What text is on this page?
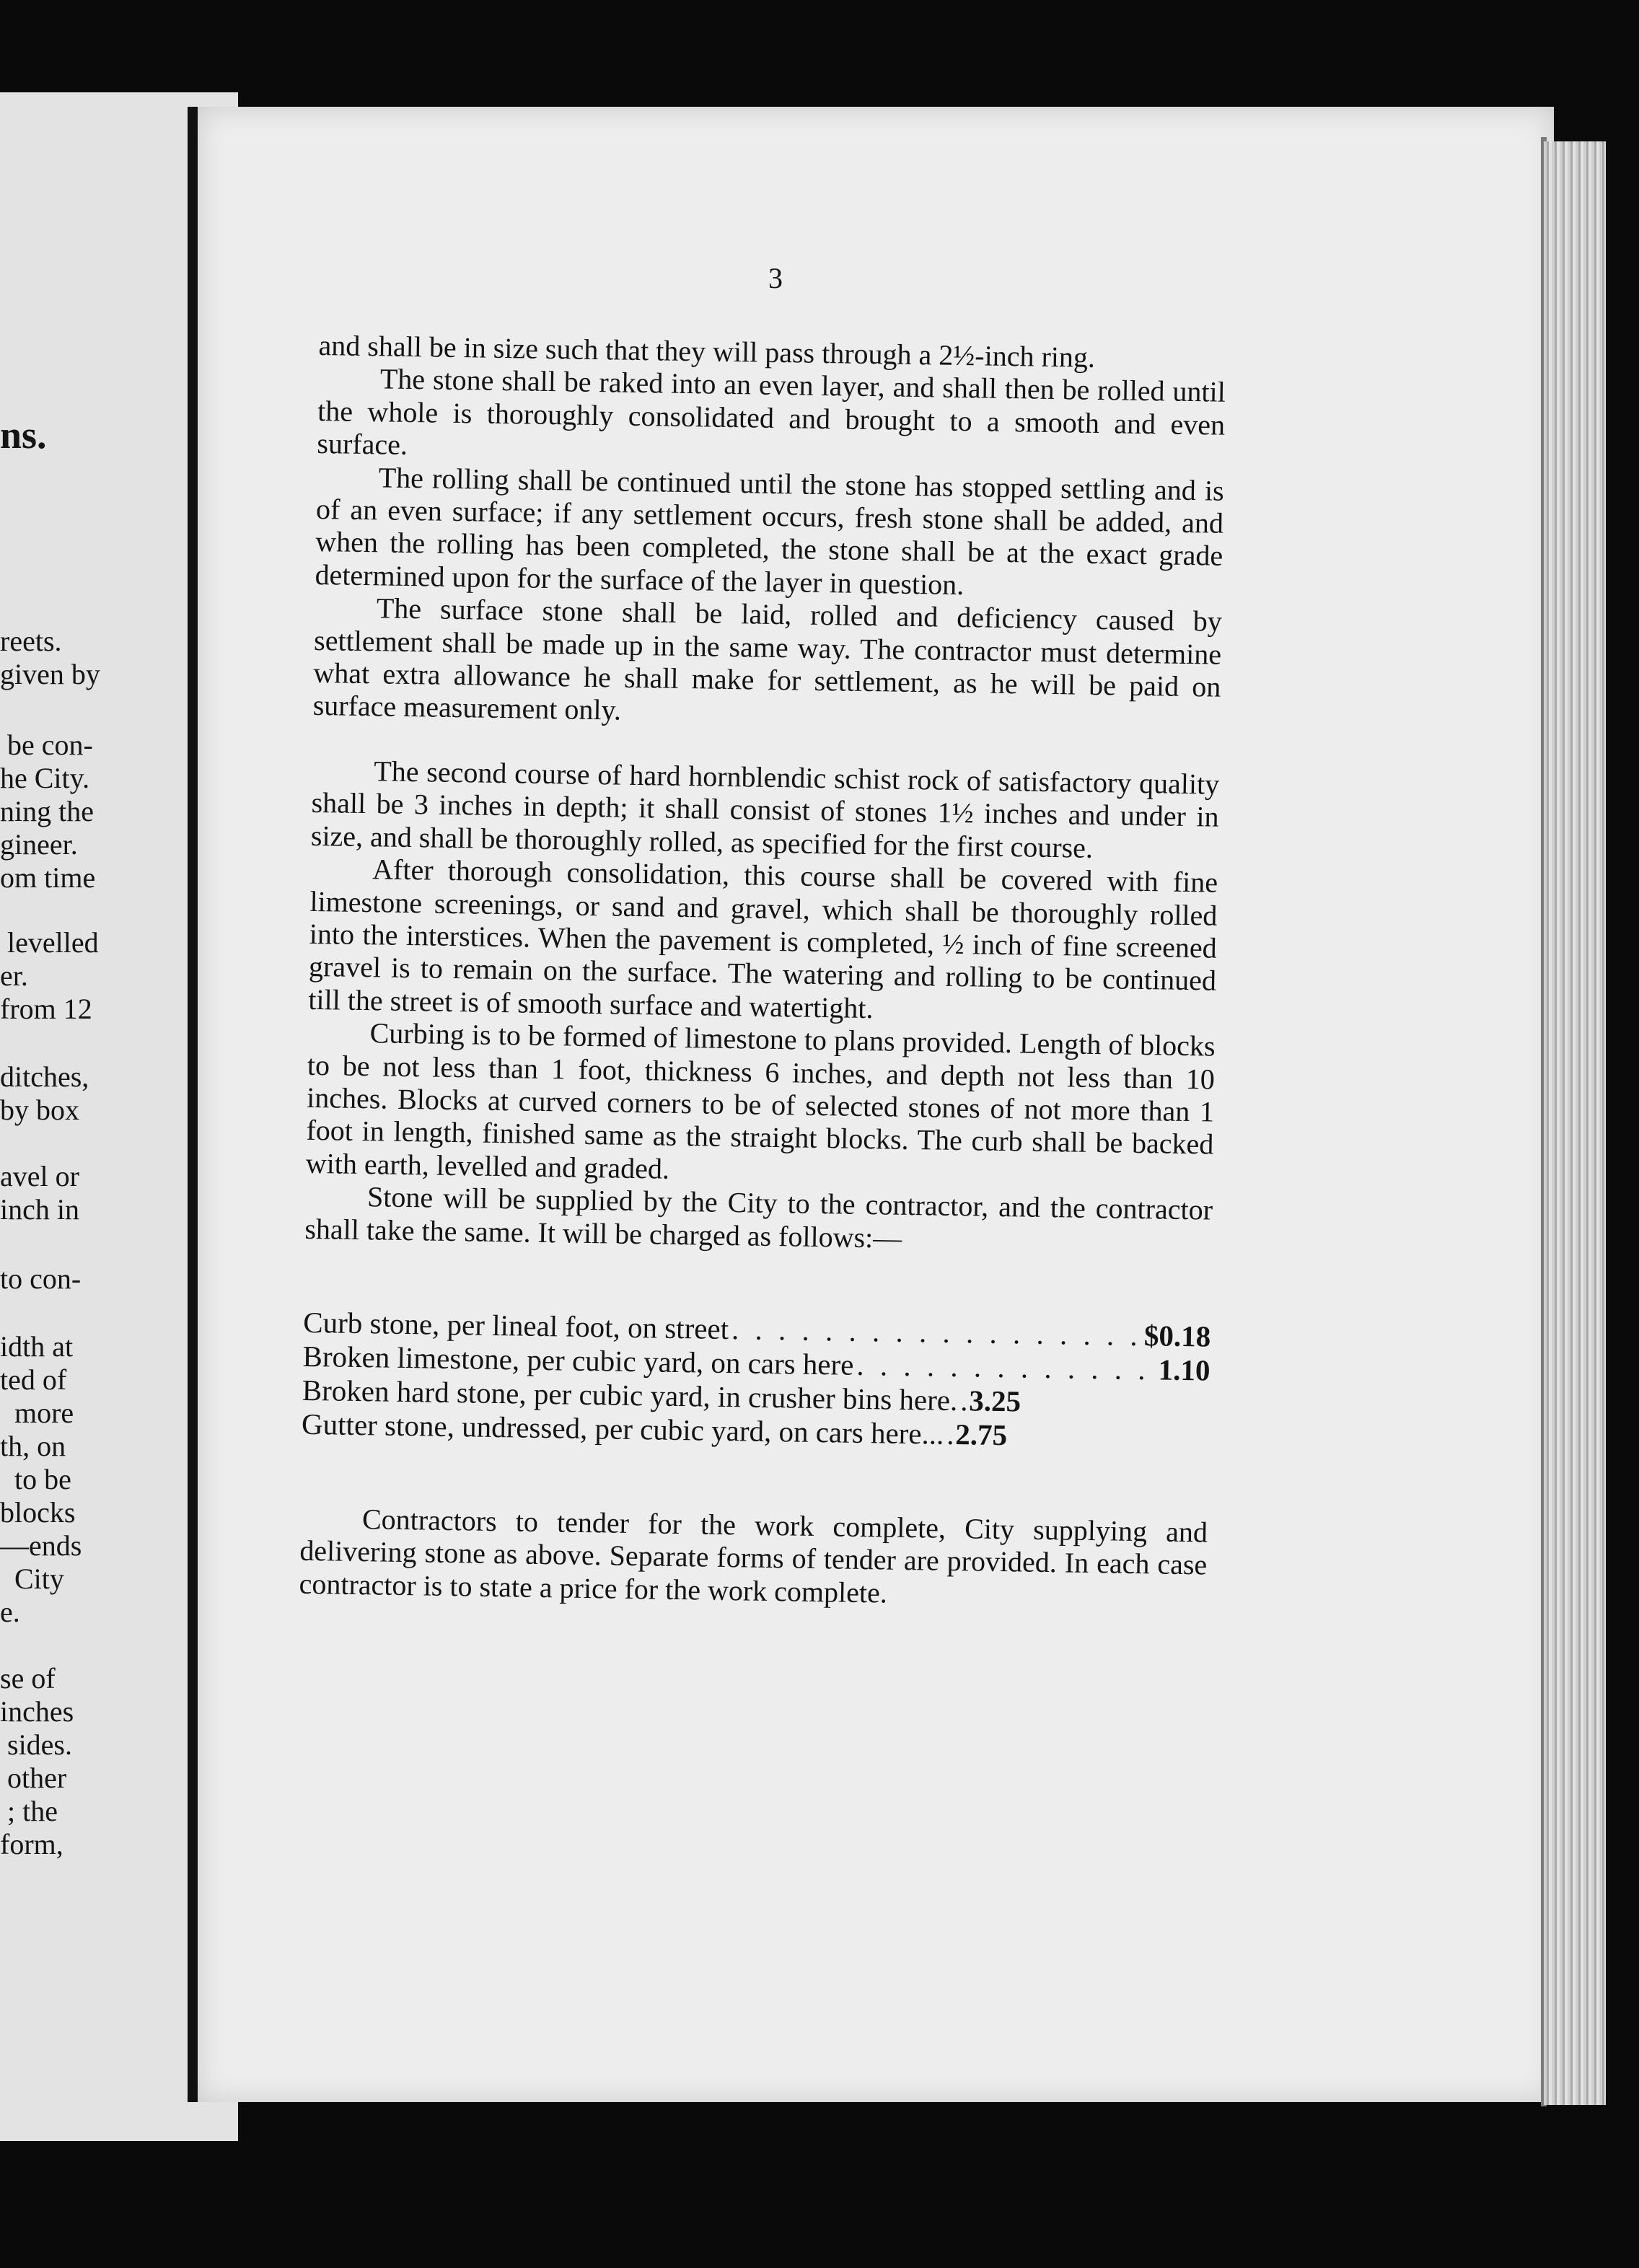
ns.
reets.
given by
be con-
he City.
ning the
gineer.
om time
levelled
er.
from 12
ditches,
by box
avel or
inch in
to con-
idth at
ted of
more
th, on
to be
blocks
—ends
City
e.
se of
inches
sides.
other
; the
form,
3

and shall be in size such that they will pass through a 2½-inch ring.

The stone shall be raked into an even layer, and shall then be rolled until the whole is thoroughly consolidated and brought to a smooth and even surface.

The rolling shall be continued until the stone has stopped settling and is of an even surface; if any settlement occurs, fresh stone shall be added, and when the rolling has been completed, the stone shall be at the exact grade determined upon for the surface of the layer in question.

The surface stone shall be laid, rolled and deficiency caused by settlement shall be made up in the same way. The contractor must determine what extra allowance he shall make for settlement, as he will be paid on surface measurement only.

The second course of hard hornblendic schist rock of satisfactory quality shall be 3 inches in depth; it shall consist of stones 1½ inches and under in size, and shall be thoroughly rolled, as specified for the first course.

After thorough consolidation, this course shall be covered with fine limestone screenings, or sand and gravel, which shall be thoroughly rolled into the interstices. When the pavement is completed, ½ inch of fine screened gravel is to remain on the surface. The watering and rolling to be continued till the street is of smooth surface and watertight.

Curbing is to be formed of limestone to plans provided. Length of blocks to be not less than 1 foot, thickness 6 inches, and depth not less than 10 inches. Blocks at curved corners to be of selected stones of not more than 1 foot in length, finished same as the straight blocks. The curb shall be backed with earth, levelled and graded.

Stone will be supplied by the City to the contractor, and the contractor shall take the same. It will be charged as follows:—

Curb stone, per lineal foot, on street . . .	$0.18
Broken limestone, per cubic yard, on cars here . . .	1.10
Broken hard stone, per cubic yard, in crusher bins here. . . . 3.25
Gutter stone, undressed, per cubic yard, on cars here... . . . 2.75

Contractors to tender for the work complete, City supplying and delivering stone as above. Separate forms of tender are provided. In each case contractor is to state a price for the work complete.
